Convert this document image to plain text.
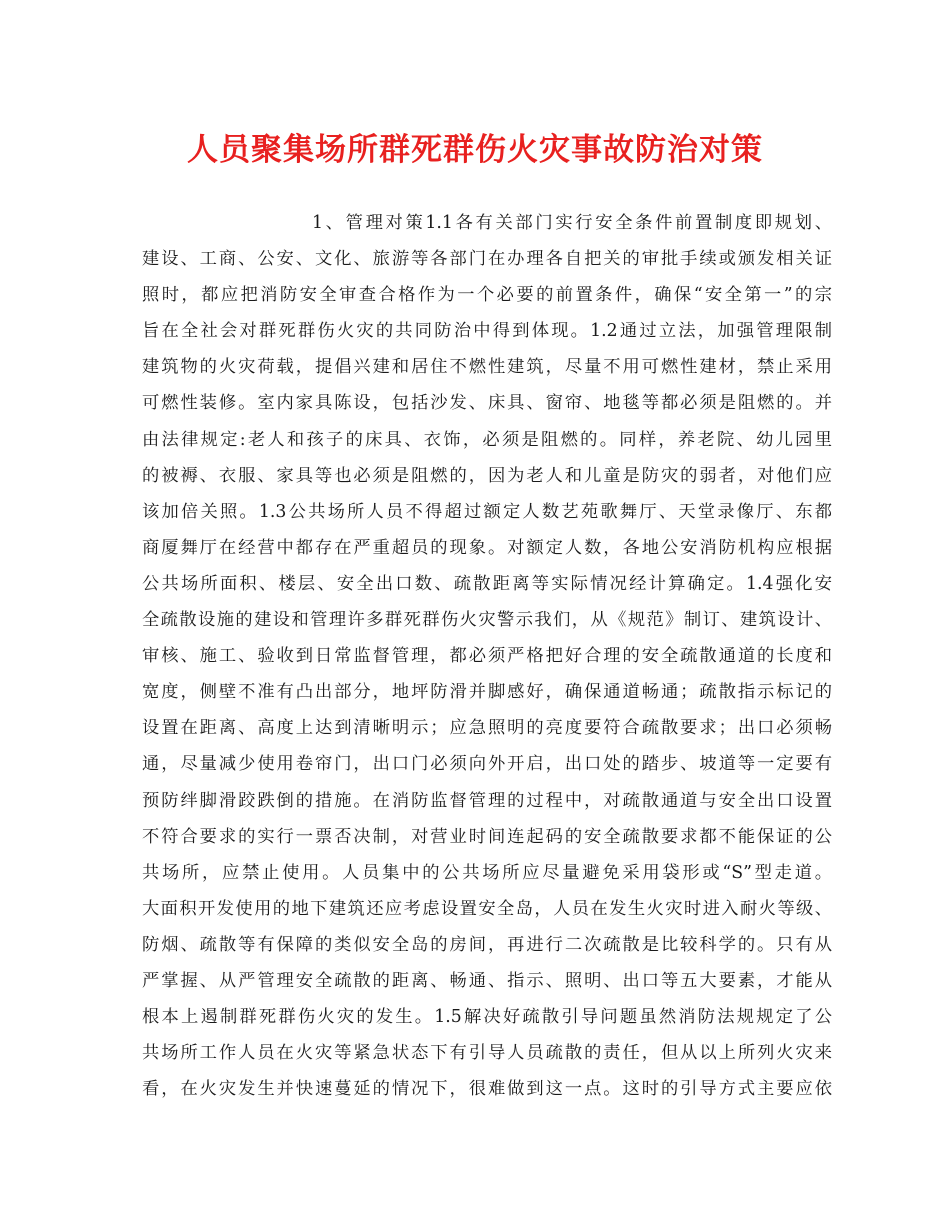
人员聚集场所群死群伤火灾事故防治对策
1、管理对策1.1各有关部门实行安全条件前置制度即规划、
建设、工商、公安、文化、旅游等各部门在办理各自把关的审批手续或颁发相关证
照时，都应把消防安全审查合格作为一个必要的前置条件，确保“安全第一”的宗
旨在全社会对群死群伤火灾的共同防治中得到体现。1.2通过立法，加强管理限制
建筑物的火灾荷载，提倡兴建和居住不燃性建筑，尽量不用可燃性建材，禁止采用
可燃性装修。室内家具陈设，包括沙发、床具、窗帘、地毯等都必须是阻燃的。并
由法律规定:老人和孩子的床具、衣饰，必须是阻燃的。同样，养老院、幼儿园里
的被褥、衣服、家具等也必须是阻燃的，因为老人和儿童是防灾的弱者，对他们应
该加倍关照。1.3公共场所人员不得超过额定人数艺苑歌舞厅、天堂录像厅、东都
商厦舞厅在经营中都存在严重超员的现象。对额定人数，各地公安消防机构应根据
公共场所面积、楼层、安全出口数、疏散距离等实际情况经计算确定。1.4强化安
全疏散设施的建设和管理许多群死群伤火灾警示我们，从《规范》制订、建筑设计、
审核、施工、验收到日常监督管理，都必须严格把好合理的安全疏散通道的长度和
宽度，侧壁不准有凸出部分，地坪防滑并脚感好，确保通道畅通；疏散指示标记的
设置在距离、高度上达到清晰明示；应急照明的亮度要符合疏散要求；出口必须畅
通，尽量减少使用卷帘门，出口门必须向外开启，出口处的踏步、坡道等一定要有
预防绊脚滑跤跌倒的措施。在消防监督管理的过程中，对疏散通道与安全出口设置
不符合要求的实行一票否决制，对营业时间连起码的安全疏散要求都不能保证的公
共场所，应禁止使用。人员集中的公共场所应尽量避免采用袋形或“S”型走道。
大面积开发使用的地下建筑还应考虑设置安全岛，人员在发生火灾时进入耐火等级、
防烟、疏散等有保障的类似安全岛的房间，再进行二次疏散是比较科学的。只有从
严掌握、从严管理安全疏散的距离、畅通、指示、照明、出口等五大要素，才能从
根本上遏制群死群伤火灾的发生。1.5解决好疏散引导问题虽然消防法规规定了公
共场所工作人员在火灾等紧急状态下有引导人员疏散的责任，但从以上所列火灾来
看，在火灾发生并快速蔓延的情况下，很难做到这一点。这时的引导方式主要应依
